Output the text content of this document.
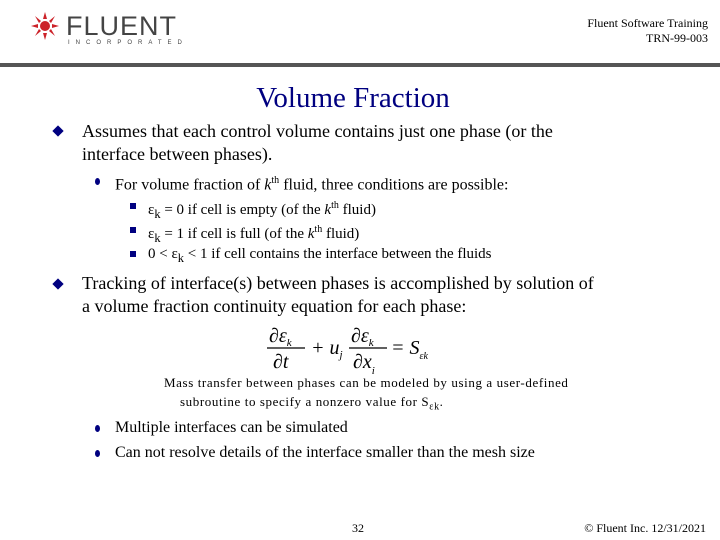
FLUENT
INCORPORATED
Fluent Software Training
TRN-99-003
Volume Fraction
Assumes that each control volume contains just one phase (or the
interface between phases).
For volume fraction of $k^{th}$ fluid, three conditions are possible:
$\varepsilon_k = 0$ if cell is empty (of the $k^{th}$ fluid)
$\varepsilon_k = 1$ if cell is full (of the $k^{th}$ fluid)
$0 < \varepsilon_k < 1$ if cell contains the interface between the fluids
Tracking of interface(s) between phases is accomplished by solution of
a volume fraction continuity equation for each phase:
$\partial\varepsilon_k$
∂t
+ $u_j$
$\partial\varepsilon_k$
$\partial x_i$
= $S_{\varepsilon k}$
Mass transfer between phases can be modeled by using a user-defined
subroutine to specify a nonzero value for $S_{\varepsilon k}$.
Multiple interfaces can be simulated
Can not resolve details of the interface smaller than the mesh size
32	© Fluent Inc. 12/31/2021
